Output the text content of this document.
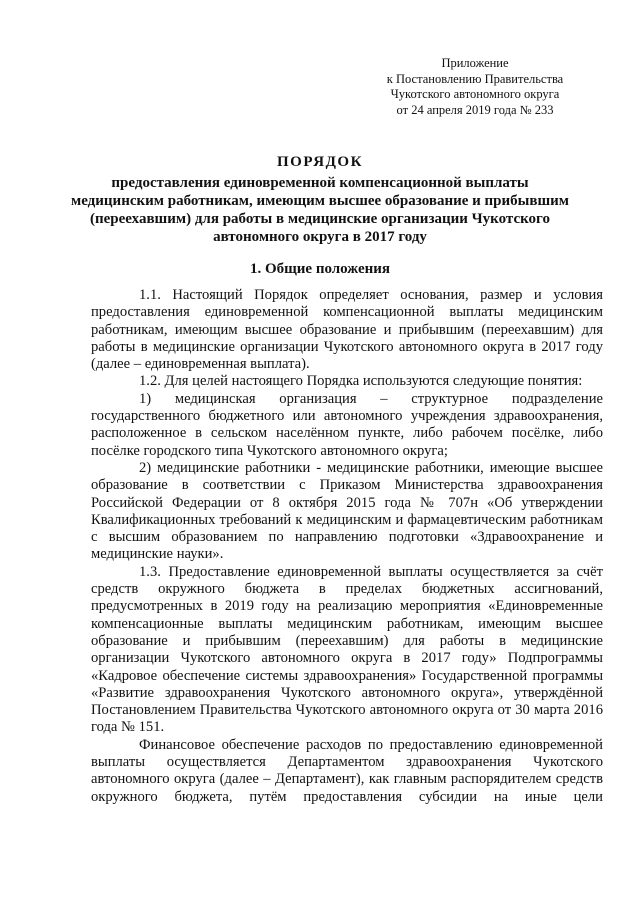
Приложение
к Постановлению Правительства
Чукотского автономного округа
от 24 апреля 2019 года № 233
ПОРЯДОК
предоставления единовременной компенсационной выплаты
медицинским работникам, имеющим высшее образование и прибывшим
(переехавшим) для работы в медицинские организации Чукотского
автономного округа в 2017 году
1. Общие положения

1.1. Настоящий Порядок определяет основания, размер и условия предоставления единовременной компенсационной выплаты медицинским работникам, имеющим высшее образование и прибывшим (переехавшим) для работы в медицинские организации Чукотского автономного округа в 2017 году (далее – единовременная выплата).

1.2. Для целей настоящего Порядка используются следующие понятия:

1) медицинская организация – структурное подразделение государственного бюджетного или автономного учреждения здравоохранения, расположенное в сельском населённом пункте, либо рабочем посёлке, либо посёлке городского типа Чукотского автономного округа;

2) медицинские работники - медицинские работники, имеющие высшее образование в соответствии с Приказом Министерства здравоохранения Российской Федерации от 8 октября 2015 года № 707н «Об утверждении Квалификационных требований к медицинским и фармацевтическим работникам с высшим образованием по направлению подготовки «Здравоохранение и медицинские науки».

1.3. Предоставление единовременной выплаты осуществляется за счёт средств окружного бюджета в пределах бюджетных ассигнований, предусмотренных в 2019 году на реализацию мероприятия «Единовременные компенсационные выплаты медицинским работникам, имеющим высшее образование и прибывшим (переехавшим) для работы в медицинские организации Чукотского автономного округа в 2017 году» Подпрограммы «Кадровое обеспечение системы здравоохранения» Государственной программы «Развитие здравоохранения Чукотского автономного округа», утверждённой Постановлением Правительства Чукотского автономного округа от 30 марта 2016 года № 151.

Финансовое обеспечение расходов по предоставлению единовременной выплаты осуществляется Департаментом здравоохранения Чукотского автономного округа (далее – Департамент), как главным распорядителем средств окружного бюджета, путём предоставления субсидии на иные цели
